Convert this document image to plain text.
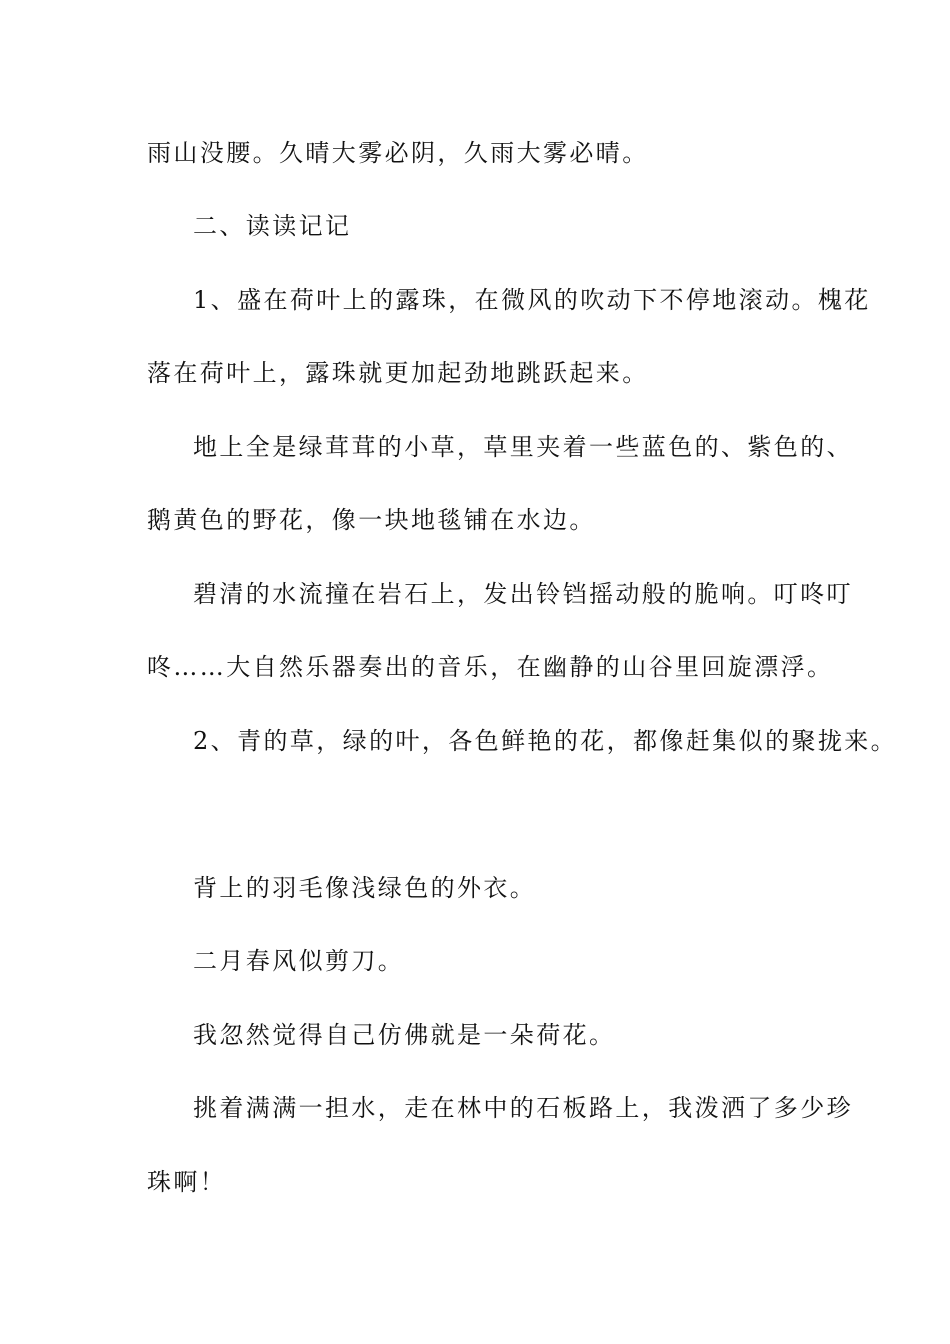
雨山没腰。久晴大雾必阴，久雨大雾必晴。
二、读读记记
1、盛在荷叶上的露珠，在微风的吹动下不停地滚动。槐花
落在荷叶上，露珠就更加起劲地跳跃起来。
地上全是绿茸茸的小草，草里夹着一些蓝色的、紫色的、
鹅黄色的野花，像一块地毯铺在水边。
碧清的水流撞在岩石上，发出铃铛摇动般的脆响。叮咚叮
咚……大自然乐器奏出的音乐，在幽静的山谷里回旋漂浮。
2、青的草，绿的叶，各色鲜艳的花，都像赶集似的聚拢来。
背上的羽毛像浅绿色的外衣。
二月春风似剪刀。
我忽然觉得自己仿佛就是一朵荷花。
挑着满满一担水，走在林中的石板路上，我泼洒了多少珍
珠啊！
